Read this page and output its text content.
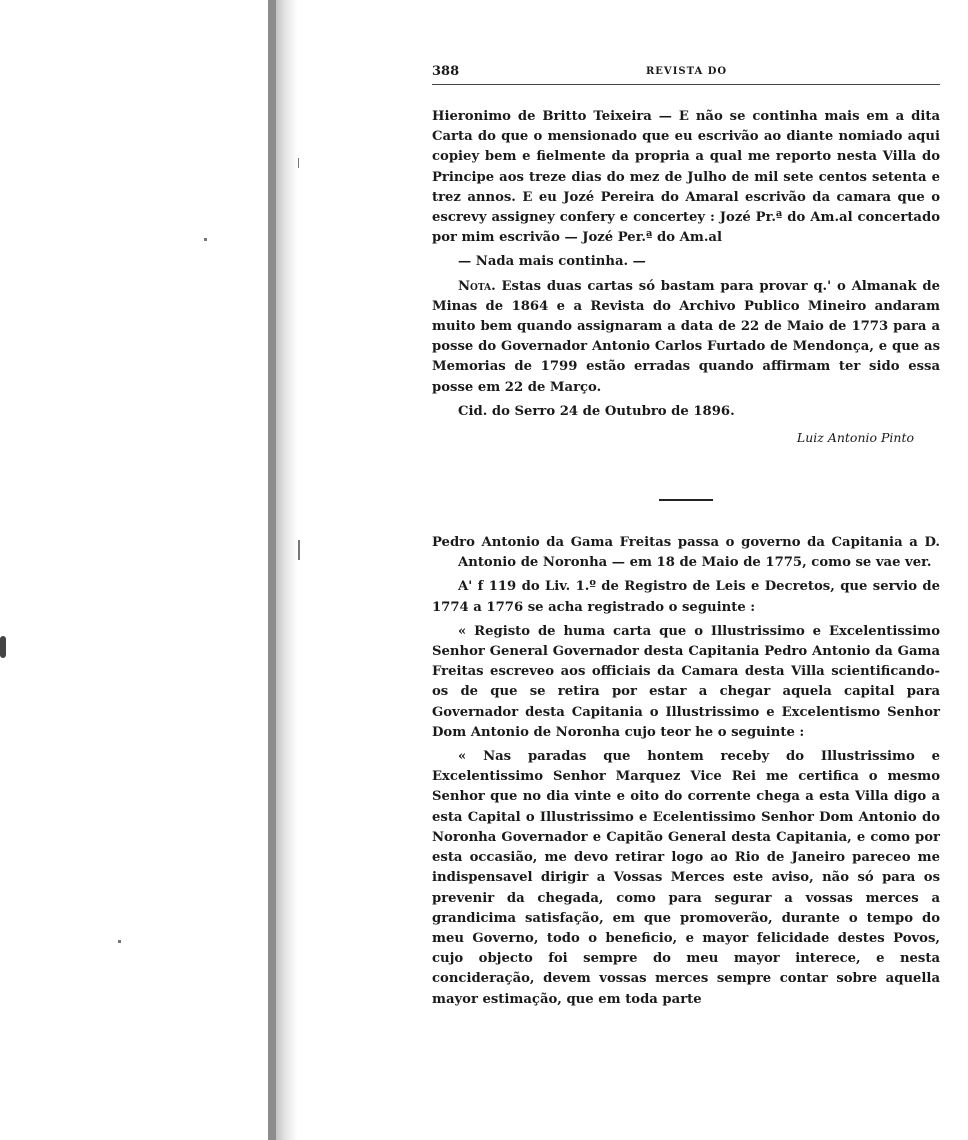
388	REVISTA DO

Hieronimo de Britto Teixeira — E não se continha mais em a dita Carta do que o mensionado que eu escrivão ao diante nomiado aqui copiey bem e fielmente da propria a qual me reporto nesta Villa do Principe aos treze dias do mez de Julho de mil sete centos setenta e trez annos. E eu Jozé Pereira do Amaral escrivão da camara que o escrevy assigney confery e concertey : Jozé Pr.ª do Am.al concertado por mim escrivão — Jozé Per.ª do Am.al

— Nada mais continha. —

Nota. Estas duas cartas só bastam para provar q.' o Almanak de Minas de 1864 e a Revista do Archivo Publico Mineiro andaram muito bem quando assignaram a data de 22 de Maio de 1773 para a posse do Governador Antonio Carlos Furtado de Mendonça, e que as Memorias de 1799 estão erradas quando affirmam ter sido essa posse em 22 de Março.

Cid. do Serro 24 de Outubro de 1896.

Luiz Antonio Pinto

Pedro Antonio da Gama Freitas passa o governo da Capitania a D. Antonio de Noronha — em 18 de Maio de 1775, como se vae ver.

A' f 119 do Liv. 1.º de Registro de Leis e Decretos, que servio de 1774 a 1776 se acha registrado o seguinte :

« Registo de huma carta que o Illustrissimo e Excelentissimo Senhor General Governador desta Capitania Pedro Antonio da Gama Freitas escreveo aos officiais da Camara desta Villa scientificando-os de que se retira por estar a chegar aquela capital para Governador desta Capitania o Illustrissimo e Excelentismo Senhor Dom Antonio de Noronha cujo teor he o seguinte :

« Nas paradas que hontem receby do Illustrissimo e Excelentissimo Senhor Marquez Vice Rei me certifica o mesmo Senhor que no dia vinte e oito do corrente chega a esta Villa digo a esta Capital o Illustrissimo e Ecelentissimo Senhor Dom Antonio do Noronha Governador e Capitão General desta Capitania, e como por esta occasião, me devo retirar logo ao Rio de Janeiro pareceo me indispensavel dirigir a Vossas Merces este aviso, não só para os prevenir da chegada, como para segurar a vossas merces a grandicima satisfação, em que promoverão, durante o tempo do meu Governo, todo o beneficio, e mayor felicidade destes Povos, cujo objecto foi sempre do meu mayor interece, e nesta concideração, devem vossas merces sempre contar sobre aquella mayor estimação, que em toda parte
